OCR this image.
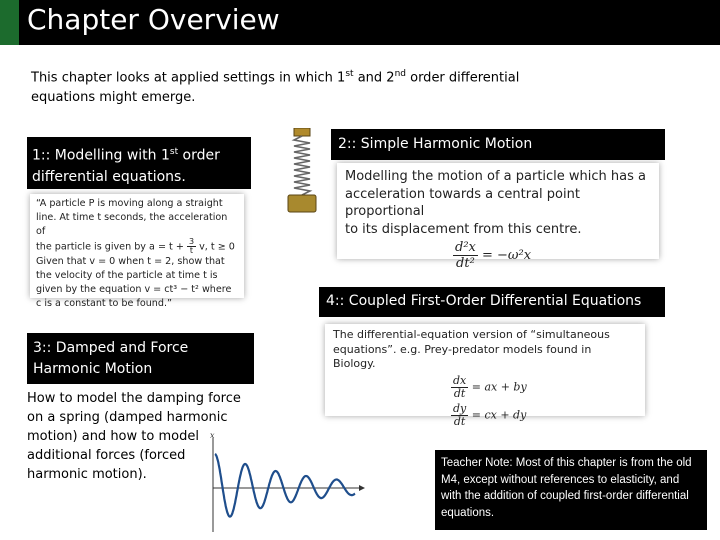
Chapter Overview
This chapter looks at applied settings in which 1st and 2nd order differential equations might emerge.
1:: Modelling with 1st order differential equations.
“A particle P is moving along a straight
line. At time t seconds, the acceleration of
the particle is given by $a = t + \frac{3}{t} v$, t ≥ 0
Given that v = 0 when t = 2, show that
the velocity of the particle at time t is
given by the equation v = ct³ − t² where
c is a constant to be found.”
2:: Simple Harmonic Motion
Modelling the motion of a particle which has a
acceleration towards a central point proportional
to its displacement from this centre.
$\frac{\text{d²x}}{\text{dt²}} = -\omega^2x$
4:: Coupled First-Order Differential Equations
The differential-equation version of “simultaneous
equations”. e.g. Prey-predator models found in Biology.
$\frac{dx}{dt}$ = ax + by
$\frac{dy}{dt}$ = cx + dy
3:: Damped and Force Harmonic Motion
How to model the damping force on a spring (damped harmonic motion) and how to model additional forces (forced harmonic motion).
x
Teacher Note: Most of this chapter is from the old M4, except without references to elasticity, and with the addition of coupled first-order differential equations.
